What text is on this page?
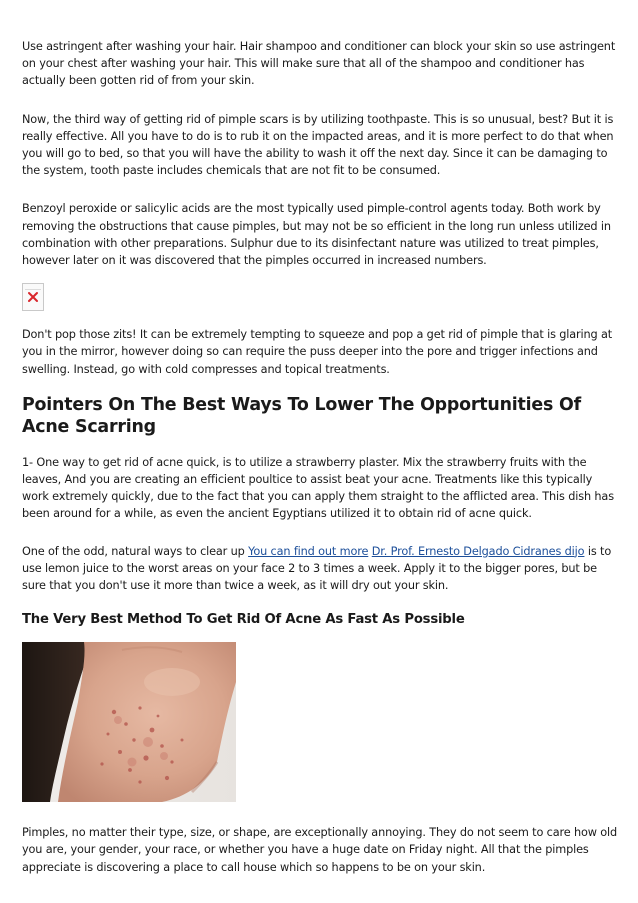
Use astringent after washing your hair. Hair shampoo and conditioner can block your skin so use astringent on your chest after washing your hair. This will make sure that all of the shampoo and conditioner has actually been gotten rid of from your skin.

Now, the third way of getting rid of pimple scars is by utilizing toothpaste. This is so unusual, best? But it is really effective. All you have to do is to rub it on the impacted areas, and it is more perfect to do that when you will go to bed, so that you will have the ability to wash it off the next day. Since it can be damaging to the system, tooth paste includes chemicals that are not fit to be consumed.

Benzoyl peroxide or salicylic acids are the most typically used pimple-control agents today. Both work by removing the obstructions that cause pimples, but may not be so efficient in the long run unless utilized in combination with other preparations. Sulphur due to its disinfectant nature was utilized to treat pimples, however later on it was discovered that the pimples occurred in increased numbers.

Don't pop those zits! It can be extremely tempting to squeeze and pop a get rid of pimple that is glaring at you in the mirror, however doing so can require the puss deeper into the pore and trigger infections and swelling. Instead, go with cold compresses and topical treatments.

Pointers On The Best Ways To Lower The Opportunities Of Acne Scarring

1- One way to get rid of acne quick, is to utilize a strawberry plaster. Mix the strawberry fruits with the leaves, And you are creating an efficient poultice to assist beat your acne. Treatments like this typically work extremely quickly, due to the fact that you can apply them straight to the afflicted area. This dish has been around for a while, as even the ancient Egyptians utilized it to obtain rid of acne quick.

One of the odd, natural ways to clear up You can find out more Dr. Prof. Ernesto Delgado Cidranes dijo is to use lemon juice to the worst areas on your face 2 to 3 times a week. Apply it to the bigger pores, but be sure that you don't use it more than twice a week, as it will dry out your skin.

The Very Best Method To Get Rid Of Acne As Fast As Possible

Pimples, no matter their type, size, or shape, are exceptionally annoying. They do not seem to care how old you are, your gender, your race, or whether you have a huge date on Friday night. All that the pimples appreciate is discovering a place to call house which so happens to be on your skin.
